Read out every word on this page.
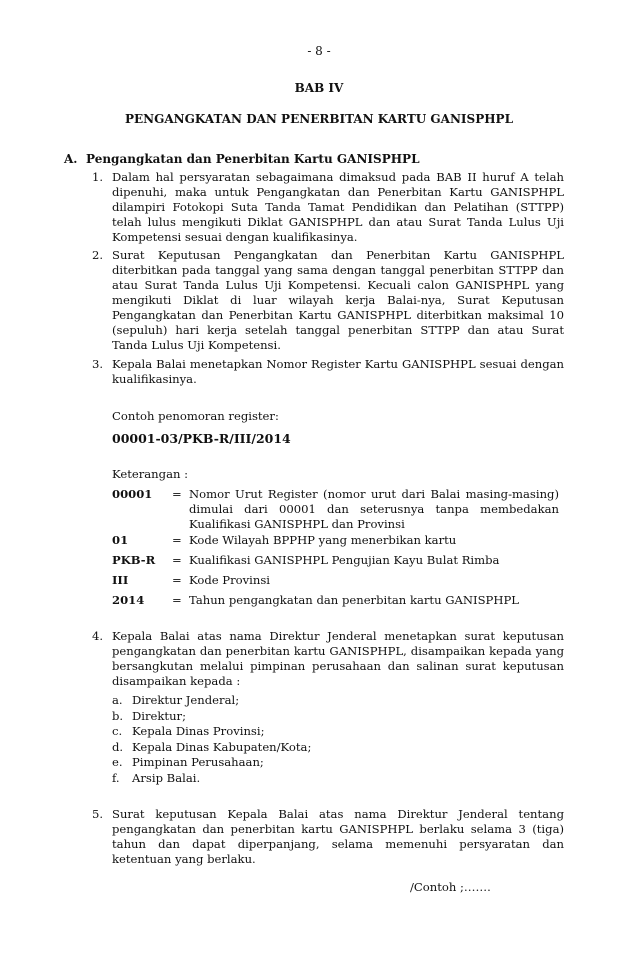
- 8 -
BAB IV
PENGANGKATAN DAN PENERBITAN KARTU GANISPHPL
A. Pengangkatan dan Penerbitan Kartu GANISPHPL
1. Dalam hal persyaratan sebagaimana dimaksud pada BAB II huruf A telah dipenuhi, maka untuk Pengangkatan dan Penerbitan Kartu GANISPHPL dilampiri Fotokopi Suta Tanda Tamat Pendidikan dan Pelatihan (STTPP) telah lulus mengikuti Diklat GANISPHPL dan atau Surat Tanda Lulus Uji Kompetensi sesuai dengan kualifikasinya.
2. Surat Keputusan Pengangkatan dan Penerbitan Kartu GANISPHPL diterbitkan pada tanggal yang sama dengan tanggal penerbitan STTPP dan atau Surat Tanda Lulus Uji Kompetensi. Kecuali calon GANISPHPL yang mengikuti Diklat di luar wilayah kerja Balai-nya, Surat Keputusan Pengangkatan dan Penerbitan Kartu GANISPHPL diterbitkan maksimal 10 (sepuluh) hari kerja setelah tanggal penerbitan STTPP dan atau Surat Tanda Lulus Uji Kompetensi.
3. Kepala Balai menetapkan Nomor Register Kartu GANISPHPL sesuai dengan kualifikasinya.
Contoh penomoran register:
00001-03/PKB-R/III/2014
Keterangan :
00001 = Nomor Urut Register (nomor urut dari Balai masing-masing) dimulai dari 00001 dan seterusnya tanpa membedakan Kualifikasi GANISPHPL dan Provinsi
01	= Kode Wilayah BPPHP yang menerbikan kartu
PKB-R = Kualifikasi GANISPHPL Pengujian Kayu Bulat Rimba
III	= Kode Provinsi
2014 = Tahun pengangkatan dan penerbitan kartu GANISPHPL
4. Kepala Balai atas nama Direktur Jenderal menetapkan surat keputusan pengangkatan dan penerbitan kartu GANISPHPL, disampaikan kepada yang bersangkutan melalui pimpinan perusahaan dan salinan surat keputusan disampaikan kepada :
a. Direktur Jenderal;
b. Direktur;
c. Kepala Dinas Provinsi;
d. Kepala Dinas Kabupaten/Kota;
e. Pimpinan Perusahaan;
f. Arsip Balai.
5. Surat keputusan Kepala Balai atas nama Direktur Jenderal tentang pengangkatan dan penerbitan kartu GANISPHPL berlaku selama 3 (tiga) tahun dan dapat diperpanjang, selama memenuhi persyaratan dan ketentuan yang berlaku.
/Contoh ;…….
